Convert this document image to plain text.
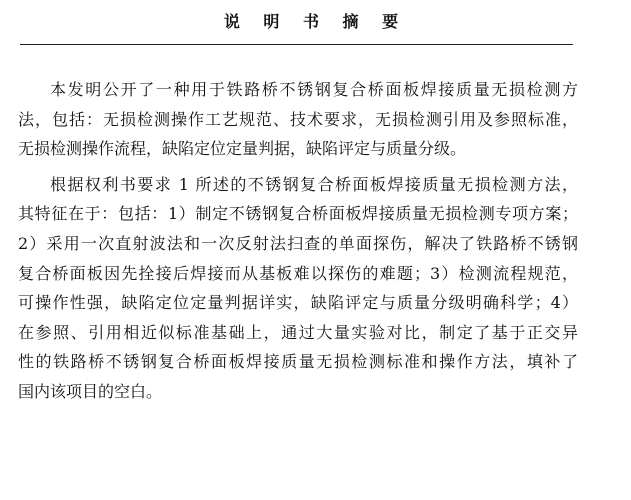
说 明 书 摘 要
本发明公开了一种用于铁路桥不锈钢复合桥面板焊接质量无损检测方
法，包括：无损检测操作工艺规范、技术要求，无损检测引用及参照标准，
无损检测操作流程，缺陷定位定量判据，缺陷评定与质量分级。
根据权利书要求 1 所述的不锈钢复合桥面板焊接质量无损检测方法，
其特征在于：包括：1）制定不锈钢复合桥面板焊接质量无损检测专项方案；
2）采用一次直射波法和一次反射法扫查的单面探伤，解决了铁路桥不锈钢
复合桥面板因先拴接后焊接而从基板难以探伤的难题；3）检测流程规范，
可操作性强，缺陷定位定量判据详实，缺陷评定与质量分级明确科学；4）
在参照、引用相近似标准基础上，通过大量实验对比，制定了基于正交异
性的铁路桥不锈钢复合桥面板焊接质量无损检测标准和操作方法，填补了
国内该项目的空白。
